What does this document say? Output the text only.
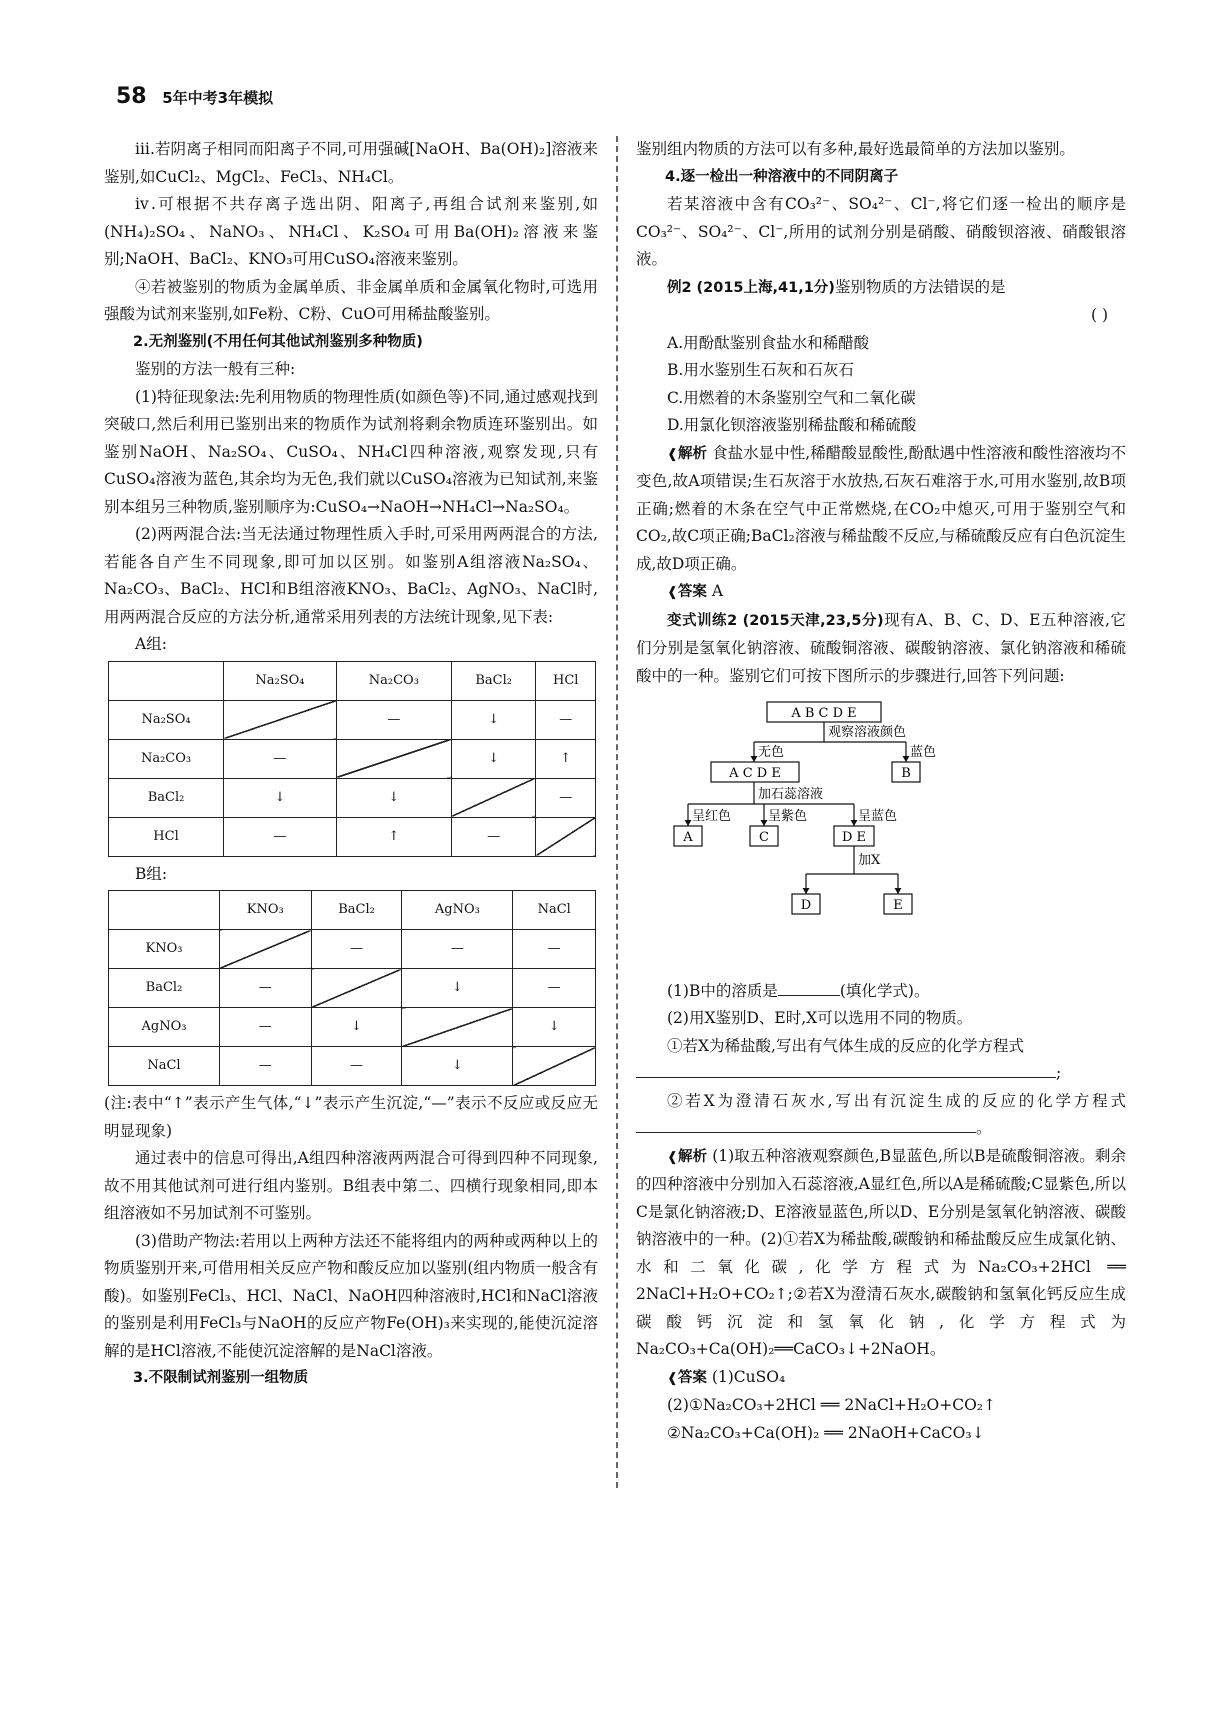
58 5年中考3年模拟

ⅲ.若阴离子相同而阳离子不同,可用强碱[NaOH、Ba(OH)₂]溶液来鉴别,如CuCl₂、MgCl₂、FeCl₃、NH₄Cl。

ⅳ.可根据不共存离子选出阴、阳离子,再组合试剂来鉴别,如(NH₄)₂SO₄、NaNO₃、NH₄Cl、K₂SO₄可用Ba(OH)₂溶液来鉴别;NaOH、BaCl₂、KNO₃可用CuSO₄溶液来鉴别。

④若被鉴别的物质为金属单质、非金属单质和金属氧化物时,可选用强酸为试剂来鉴别,如Fe粉、C粉、CuO可用稀盐酸鉴别。

2.无剂鉴别(不用任何其他试剂鉴别多种物质)

鉴别的方法一般有三种:

(1)特征现象法:先利用物质的物理性质(如颜色等)不同,通过感观找到突破口,然后利用已鉴别出来的物质作为试剂将剩余物质连环鉴别出。如鉴别NaOH、Na₂SO₄、CuSO₄、NH₄Cl四种溶液,观察发现,只有CuSO₄溶液为蓝色,其余均为无色,我们就以CuSO₄溶液为已知试剂,来鉴别本组另三种物质,鉴别顺序为:CuSO₄→NaOH→NH₄Cl→Na₂SO₄。

(2)两两混合法:当无法通过物理性质入手时,可采用两两混合的方法,若能各自产生不同现象,即可加以区别。如鉴别A组溶液Na₂SO₄、Na₂CO₃、BaCl₂、HCl和B组溶液KNO₃、BaCl₂、AgNO₃、NaCl时,用两两混合反应的方法分析,通常采用列表的方法统计现象,见下表:

A组:

	Na₂SO₄	Na₂CO₃	BaCl₂	HCl
Na₂SO₄		—	↓	—
Na₂CO₃	—		↓	↑
BaCl₂	↓	↓		—
HCl	—	↑	—	

B组:

	KNO₃	BaCl₂	AgNO₃	NaCl
KNO₃		—	—	—
BaCl₂	—		↓	—
AgNO₃	—	↓		↓
NaCl	—	—	↓	

(注:表中“↑”表示产生气体,“↓”表示产生沉淀,“—”表示不反应或反应无明显现象)

通过表中的信息可得出,A组四种溶液两两混合可得到四种不同现象,故不用其他试剂可进行组内鉴别。B组表中第二、四横行现象相同,即本组溶液如不另加试剂不可鉴别。

(3)借助产物法:若用以上两种方法还不能将组内的两种或两种以上的物质鉴别开来,可借用相关反应产物和酸反应加以鉴别(组内物质一般含有酸)。如鉴别FeCl₃、HCl、NaCl、NaOH四种溶液时,HCl和NaCl溶液的鉴别是利用FeCl₃与NaOH的反应产物Fe(OH)₃来实现的,能使沉淀溶解的是HCl溶液,不能使沉淀溶解的是NaCl溶液。

3.不限制试剂鉴别一组物质

鉴别组内物质的方法可以有多种,最好选最简单的方法加以鉴别。

4.逐一检出一种溶液中的不同阴离子

若某溶液中含有CO₃²⁻、SO₄²⁻、Cl⁻,将它们逐一检出的顺序是CO₃²⁻、SO₄²⁻、Cl⁻,所用的试剂分别是硝酸、硝酸钡溶液、硝酸银溶液。

例2 (2015上海,41,1分)鉴别物质的方法错误的是

( )

A.用酚酞鉴别食盐水和稀醋酸

B.用水鉴别生石灰和石灰石

C.用燃着的木条鉴别空气和二氧化碳

D.用氯化钡溶液鉴别稀盐酸和稀硫酸

❰解析 食盐水显中性,稀醋酸显酸性,酚酞遇中性溶液和酸性溶液均不变色,故A项错误;生石灰溶于水放热,石灰石难溶于水,可用水鉴别,故B项正确;燃着的木条在空气中正常燃烧,在CO₂中熄灭,可用于鉴别空气和CO₂,故C项正确;BaCl₂溶液与稀盐酸不反应,与稀硫酸反应有白色沉淀生成,故D项正确。

❰答案 A

变式训练2 (2015天津,23,5分)现有A、B、C、D、E五种溶液,它们分别是氢氧化钠溶液、硫酸铜溶液、碳酸钠溶液、氯化钠溶液和稀硫酸中的一种。鉴别它们可按下图所示的步骤进行,回答下列问题:

A B C D E
观察溶液颜色
无色	蓝色
A C D E	B
加石蕊溶液
呈红色	呈紫色	呈蓝色
A	C	D E
加X
D	E

(1)B中的溶质是	(填化学式)。

(2)用X鉴别D、E时,X可以选用不同的物质。

①若X为稀盐酸,写出有气体生成的反应的化学方程式

;

②若X为澄清石灰水,写出有沉淀生成的反应的化学方程式。

❰解析 (1)取五种溶液观察颜色,B显蓝色,所以B是硫酸铜溶液。剩余的四种溶液中分别加入石蕊溶液,A显红色,所以A是稀硫酸;C显紫色,所以C是氯化钠溶液;D、E溶液显蓝色,所以D、E分别是氢氧化钠溶液、碳酸钠溶液中的一种。(2)①若X为稀盐酸,碳酸钠和稀盐酸反应生成氯化钠、水和二氧化碳,化学方程式为Na₂CO₃+2HCl ══ 2NaCl+H₂O+CO₂↑;②若X为澄清石灰水,碳酸钠和氢氧化钙反应生成碳酸钙沉淀和氢氧化钠,化学方程式为Na₂CO₃+Ca(OH)₂══CaCO₃↓+2NaOH。

❰答案 (1)CuSO₄

(2)①Na₂CO₃+2HCl ══ 2NaCl+H₂O+CO₂↑

②Na₂CO₃+Ca(OH)₂ ══ 2NaOH+CaCO₃↓
